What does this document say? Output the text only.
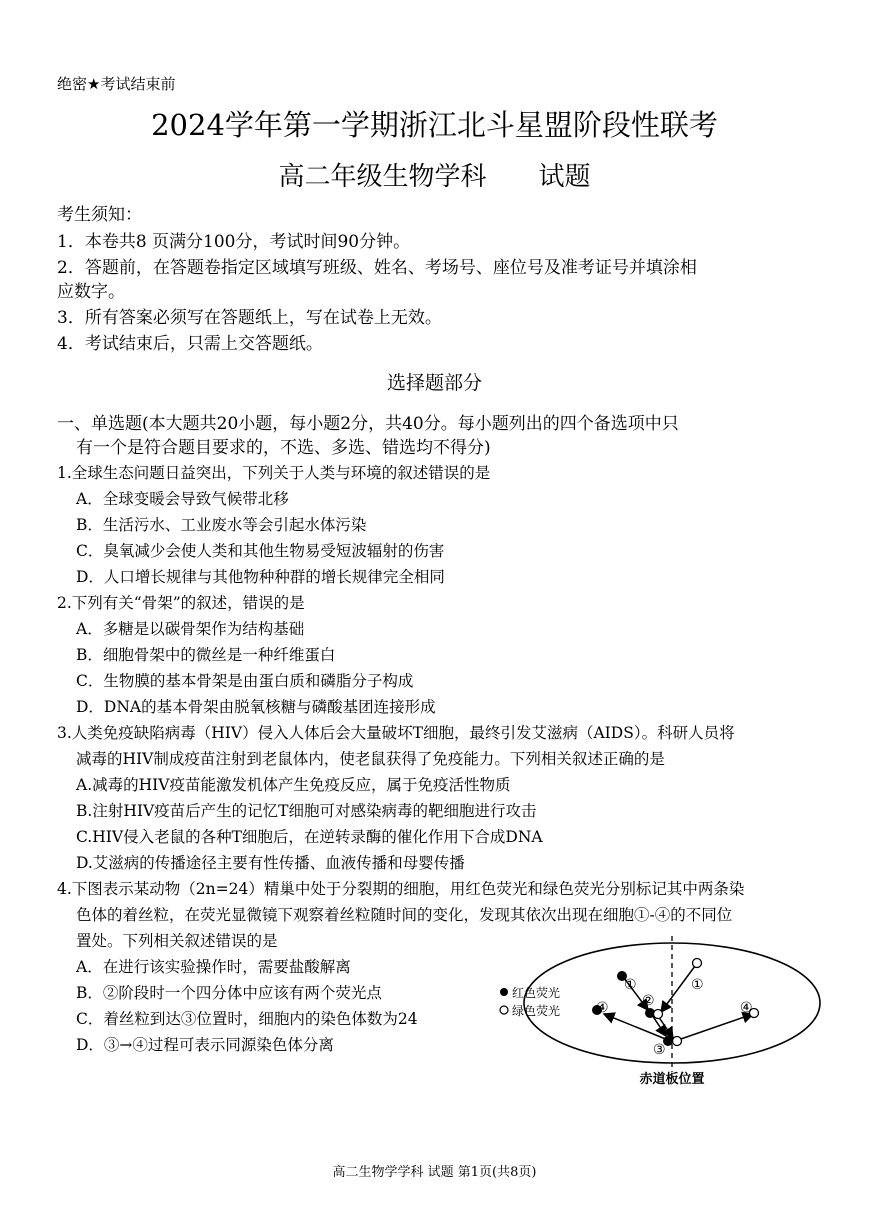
绝密★考试结束前
2024学年第一学期浙江北斗星盟阶段性联考
高二年级生物学科　　试题
考生须知：
1．本卷共8 页满分100分，考试时间90分钟。
2．答题前，在答题卷指定区域填写班级、姓名、考场号、座位号及准考证号并填涂相
应数字。
3．所有答案必须写在答题纸上，写在试卷上无效。
4．考试结束后，只需上交答题纸。
选择题部分
一、单选题(本大题共20小题，每小题2分，共40分。每小题列出的四个备选项中只
有一个是符合题目要求的，不选、多选、错选均不得分)
1.全球生态问题日益突出，下列关于人类与环境的叙述错误的是
A．全球变暖会导致气候带北移
B．生活污水、工业废水等会引起水体污染
C．臭氧减少会使人类和其他生物易受短波辐射的伤害
D．人口增长规律与其他物种种群的增长规律完全相同
2.下列有关“骨架”的叙述，错误的是
A．多糖是以碳骨架作为结构基础
B．细胞骨架中的微丝是一种纤维蛋白
C．生物膜的基本骨架是由蛋白质和磷脂分子构成
D．DNA的基本骨架由脱氧核糖与磷酸基团连接形成
3.人类免疫缺陷病毒（HIV）侵入人体后会大量破坏T细胞，最终引发艾滋病（AIDS）。科研人员将
减毒的HIV制成疫苗注射到老鼠体内，使老鼠获得了免疫能力。下列相关叙述正确的是
A.减毒的HIV疫苗能激发机体产生免疫反应，属于免疫活性物质
B.注射HIV疫苗后产生的记忆T细胞可对感染病毒的靶细胞进行攻击
C.HIV侵入老鼠的各种T细胞后，在逆转录酶的催化作用下合成DNA
D.艾滋病的传播途径主要有性传播、血液传播和母婴传播
4.下图表示某动物（2n=24）精巢中处于分裂期的细胞，用红色荧光和绿色荧光分别标记其中两条染
色体的着丝粒，在荧光显微镜下观察着丝粒随时间的变化，发现其依次出现在细胞①-④的不同位
置处。下列相关叙述错误的是
A．在进行该实验操作时，需要盐酸解离
B．②阶段时一个四分体中应该有两个荧光点
C．着丝粒到达③位置时，细胞内的染色体数为24
D．③→④过程可表示同源染色体分离
红色荧光
绿色荧光
①	①
②
③
④	④
赤道板位置
高二生物学学科 试题 第1页(共8页)
